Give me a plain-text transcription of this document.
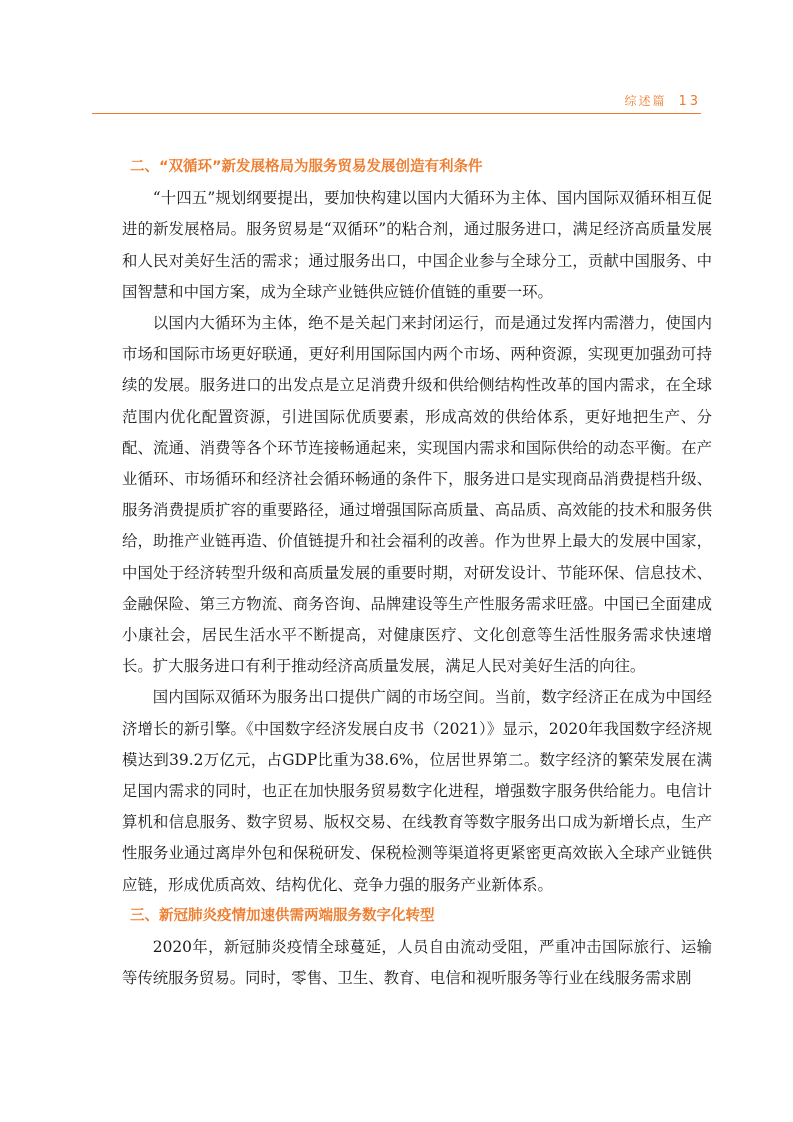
综述篇 13
二、“双循环”新发展格局为服务贸易发展创造有利条件

“十四五”规划纲要提出，要加快构建以国内大循环为主体、国内国际双循环相互促进的新发展格局。服务贸易是“双循环”的粘合剂，通过服务进口，满足经济高质量发展和人民对美好生活的需求；通过服务出口，中国企业参与全球分工，贡献中国服务、中国智慧和中国方案，成为全球产业链供应链价值链的重要一环。

以国内大循环为主体，绝不是关起门来封闭运行，而是通过发挥内需潜力，使国内市场和国际市场更好联通，更好利用国际国内两个市场、两种资源，实现更加强劲可持续的发展。服务进口的出发点是立足消费升级和供给侧结构性改革的国内需求，在全球范围内优化配置资源，引进国际优质要素，形成高效的供给体系，更好地把生产、分配、流通、消费等各个环节连接畅通起来，实现国内需求和国际供给的动态平衡。在产业循环、市场循环和经济社会循环畅通的条件下，服务进口是实现商品消费提档升级、服务消费提质扩容的重要路径，通过增强国际高质量、高品质、高效能的技术和服务供给，助推产业链再造、价值链提升和社会福利的改善。作为世界上最大的发展中国家，中国处于经济转型升级和高质量发展的重要时期，对研发设计、节能环保、信息技术、金融保险、第三方物流、商务咨询、品牌建设等生产性服务需求旺盛。中国已全面建成小康社会，居民生活水平不断提高，对健康医疗、文化创意等生活性服务需求快速增长。扩大服务进口有利于推动经济高质量发展，满足人民对美好生活的向往。

国内国际双循环为服务出口提供广阔的市场空间。当前，数字经济正在成为中国经济增长的新引擎。《中国数字经济发展白皮书（2021）》显示，2020年我国数字经济规模达到39.2万亿元，占GDP比重为38.6%，位居世界第二。数字经济的繁荣发展在满足国内需求的同时，也正在加快服务贸易数字化进程，增强数字服务供给能力。电信计算机和信息服务、数字贸易、版权交易、在线教育等数字服务出口成为新增长点，生产性服务业通过离岸外包和保税研发、保税检测等渠道将更紧密更高效嵌入全球产业链供应链，形成优质高效、结构优化、竞争力强的服务产业新体系。

三、新冠肺炎疫情加速供需两端服务数字化转型

2020年，新冠肺炎疫情全球蔓延，人员自由流动受阻，严重冲击国际旅行、运输等传统服务贸易。同时，零售、卫生、教育、电信和视听服务等行业在线服务需求剧
